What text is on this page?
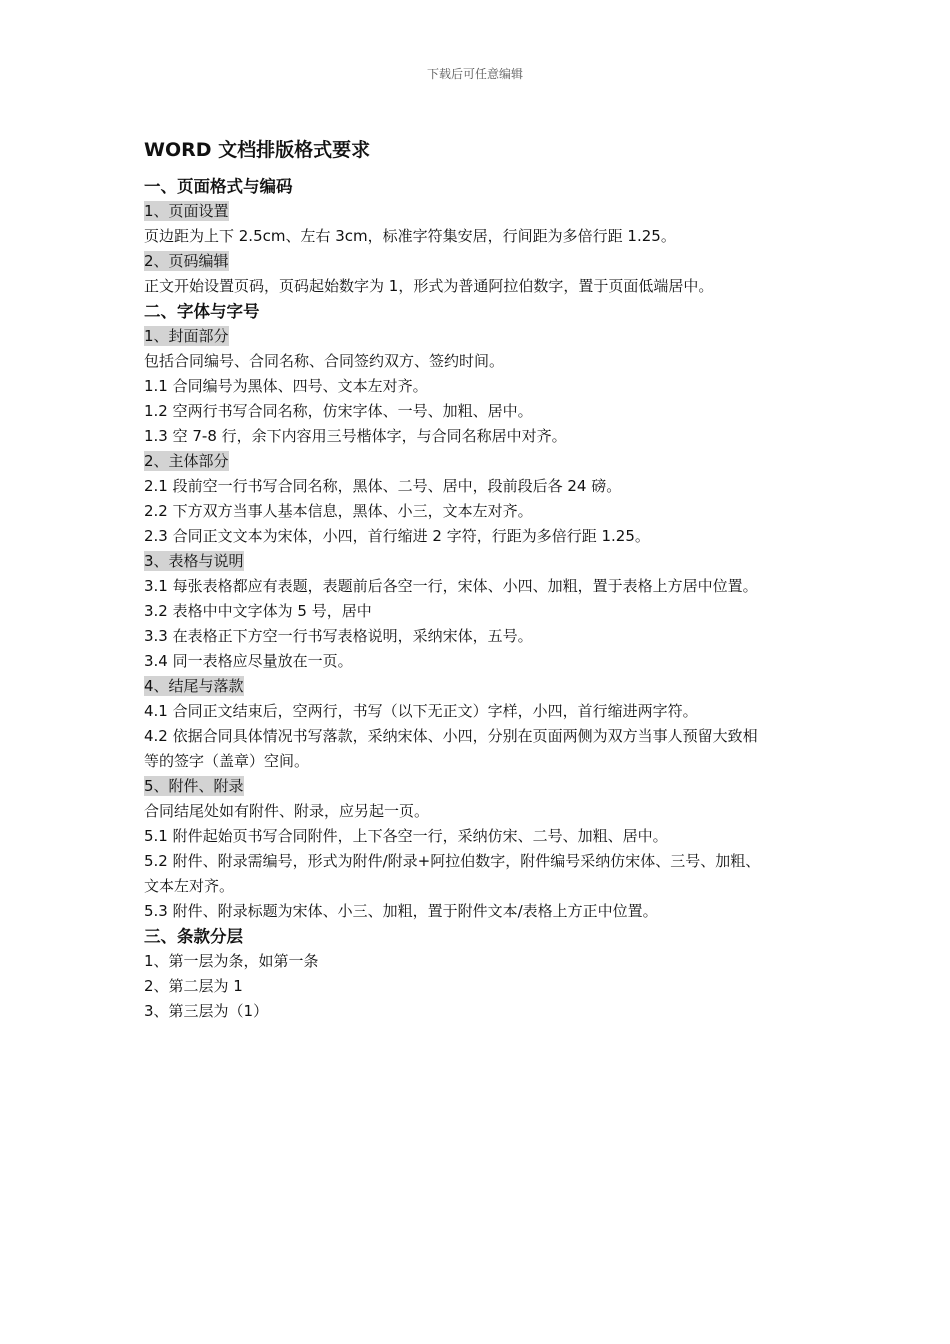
下载后可任意编辑
WORD 文档排版格式要求
一、页面格式与编码
1、页面设置
页边距为上下 2.5cm、左右 3cm，标准字符集安居，行间距为多倍行距 1.25。
2、页码编辑
正文开始设置页码，页码起始数字为 1，形式为普通阿拉伯数字，置于页面低端居中。
二、字体与字号
1、封面部分
包括合同编号、合同名称、合同签约双方、签约时间。
1.1 合同编号为黑体、四号、文本左对齐。
1.2 空两行书写合同名称，仿宋字体、一号、加粗、居中。
1.3 空 7-8 行，余下内容用三号楷体字，与合同名称居中对齐。
2、主体部分
2.1 段前空一行书写合同名称，黑体、二号、居中，段前段后各 24 磅。
2.2 下方双方当事人基本信息，黑体、小三，文本左对齐。
2.3 合同正文文本为宋体，小四，首行缩进 2 字符，行距为多倍行距 1.25。
3、表格与说明
3.1 每张表格都应有表题，表题前后各空一行，宋体、小四、加粗，置于表格上方居中位置。
3.2 表格中中文字体为 5 号，居中
3.3 在表格正下方空一行书写表格说明，采纳宋体，五号。
3.4 同一表格应尽量放在一页。
4、结尾与落款
4.1 合同正文结束后，空两行，书写（以下无正文）字样，小四，首行缩进两字符。
4.2 依据合同具体情况书写落款，采纳宋体、小四，分别在页面两侧为双方当事人预留大致相
等的签字（盖章）空间。
5、附件、附录
合同结尾处如有附件、附录，应另起一页。
5.1 附件起始页书写合同附件，上下各空一行，采纳仿宋、二号、加粗、居中。
5.2 附件、附录需编号，形式为附件/附录+阿拉伯数字，附件编号采纳仿宋体、三号、加粗、
文本左对齐。
5.3 附件、附录标题为宋体、小三、加粗，置于附件文本/表格上方正中位置。
三、条款分层
1、第一层为条，如第一条
2、第二层为 1
3、第三层为（1）
